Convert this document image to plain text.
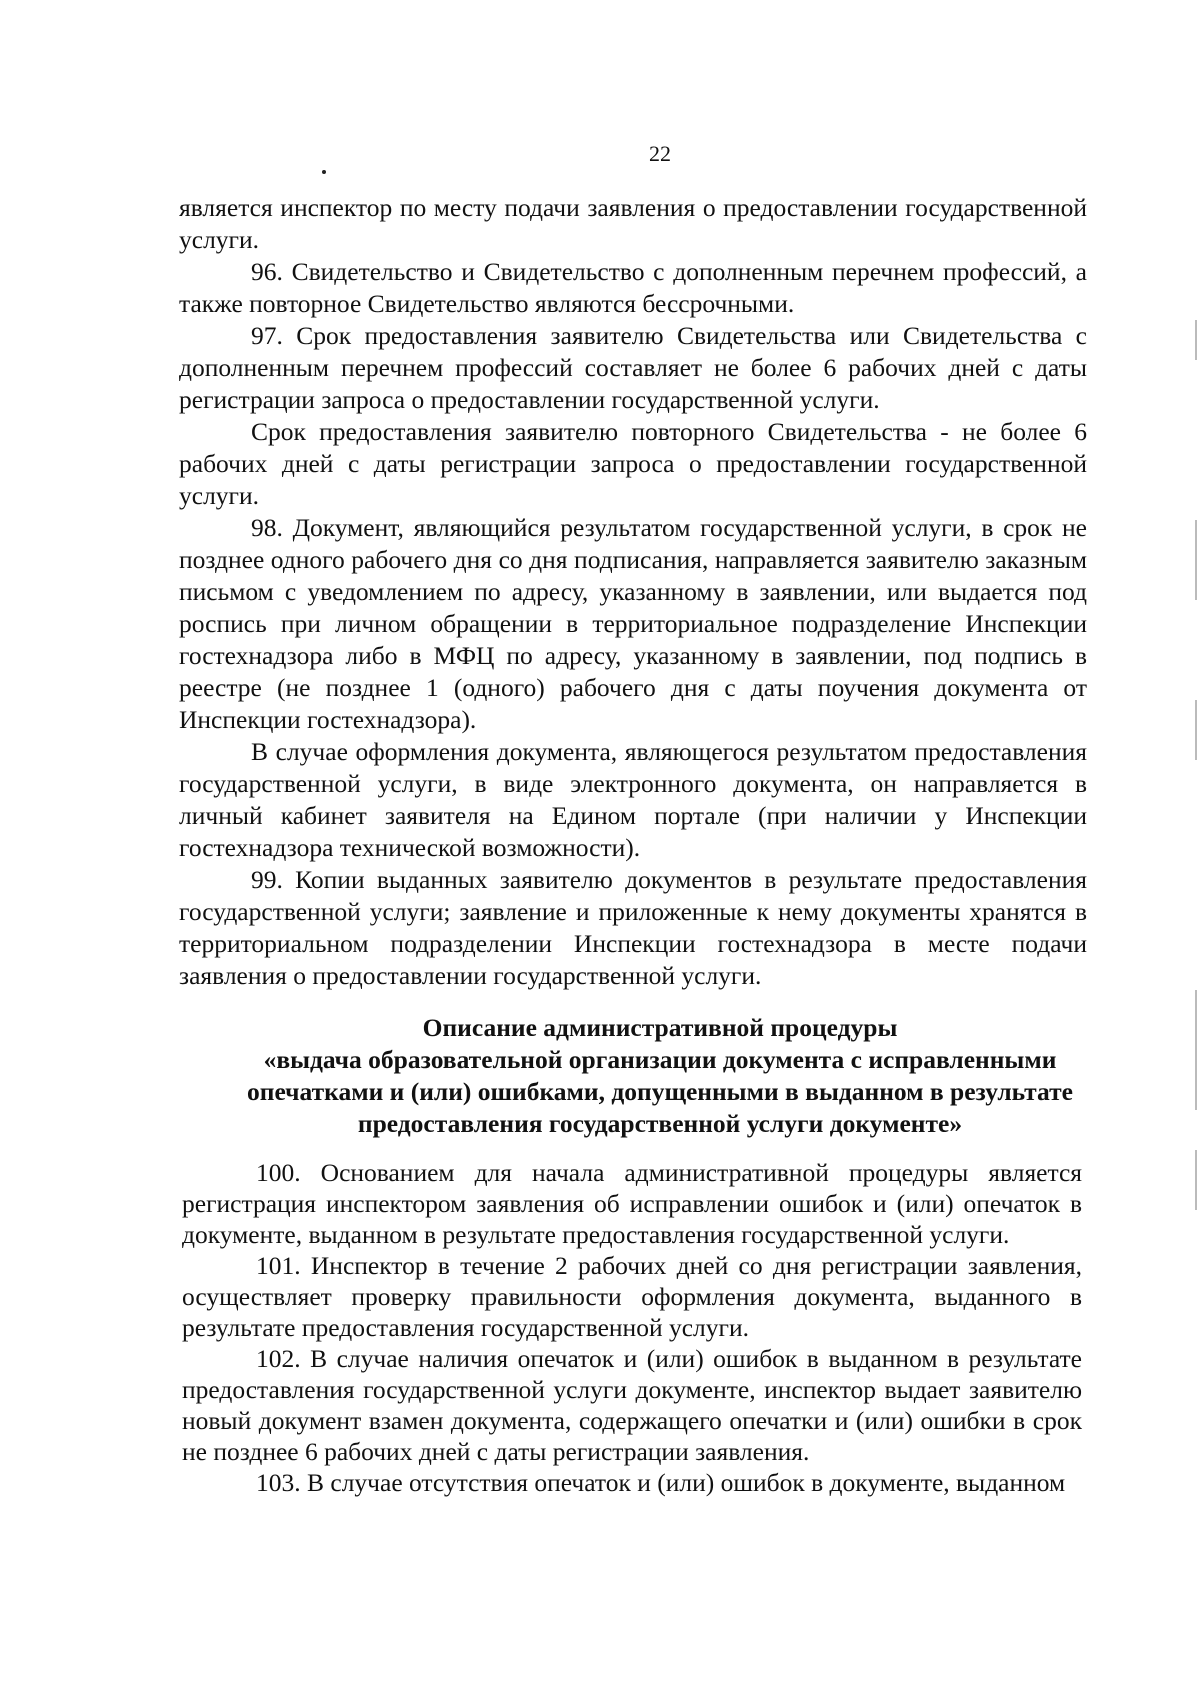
22

является инспектор по месту подачи заявления о предоставлении государственной услуги.

96. Свидетельство и Свидетельство с дополненным перечнем профессий, а также повторное Свидетельство являются бессрочными.

97. Срок предоставления заявителю Свидетельства или Свидетельства с дополненным перечнем профессий составляет не более 6 рабочих дней с даты регистрации запроса о предоставлении государственной услуги.

Срок предоставления заявителю повторного Свидетельства - не более 6 рабочих дней с даты регистрации запроса о предоставлении государственной услуги.

98. Документ, являющийся результатом государственной услуги, в срок не позднее одного рабочего дня со дня подписания, направляется заявителю заказным письмом с уведомлением по адресу, указанному в заявлении, или выдается под роспись при личном обращении в территориальное подразделение Инспекции гостехнадзора либо в МФЦ по адресу, указанному в заявлении, под подпись в реестре (не позднее 1 (одного) рабочего дня с даты поучения документа от Инспекции гостехнадзора).

В случае оформления документа, являющегося результатом предоставления государственной услуги, в виде электронного документа, он направляется в личный кабинет заявителя на Едином портале (при наличии у Инспекции гостехнадзора технической возможности).

99. Копии выданных заявителю документов в результате предоставления государственной услуги; заявление и приложенные к нему документы хранятся в территориальном подразделении Инспекции гостехнадзора в месте подачи заявления о предоставлении государственной услуги.

Описание административной процедуры
«выдача образовательной организации документа с исправленными
опечатками и (или) ошибками, допущенными в выданном в результате
предоставления государственной услуги документе»

100. Основанием для начала административной процедуры является регистрация инспектором заявления об исправлении ошибок и (или) опечаток в документе, выданном в результате предоставления государственной услуги.

101. Инспектор в течение 2 рабочих дней со дня регистрации заявления, осуществляет проверку правильности оформления документа, выданного в результате предоставления государственной услуги.

102. В случае наличия опечаток и (или) ошибок в выданном в результате предоставления государственной услуги документе, инспектор выдает заявителю новый документ взамен документа, содержащего опечатки и (или) ошибки в срок не позднее 6 рабочих дней с даты регистрации заявления.

103. В случае отсутствия опечаток и (или) ошибок в документе, выданном
